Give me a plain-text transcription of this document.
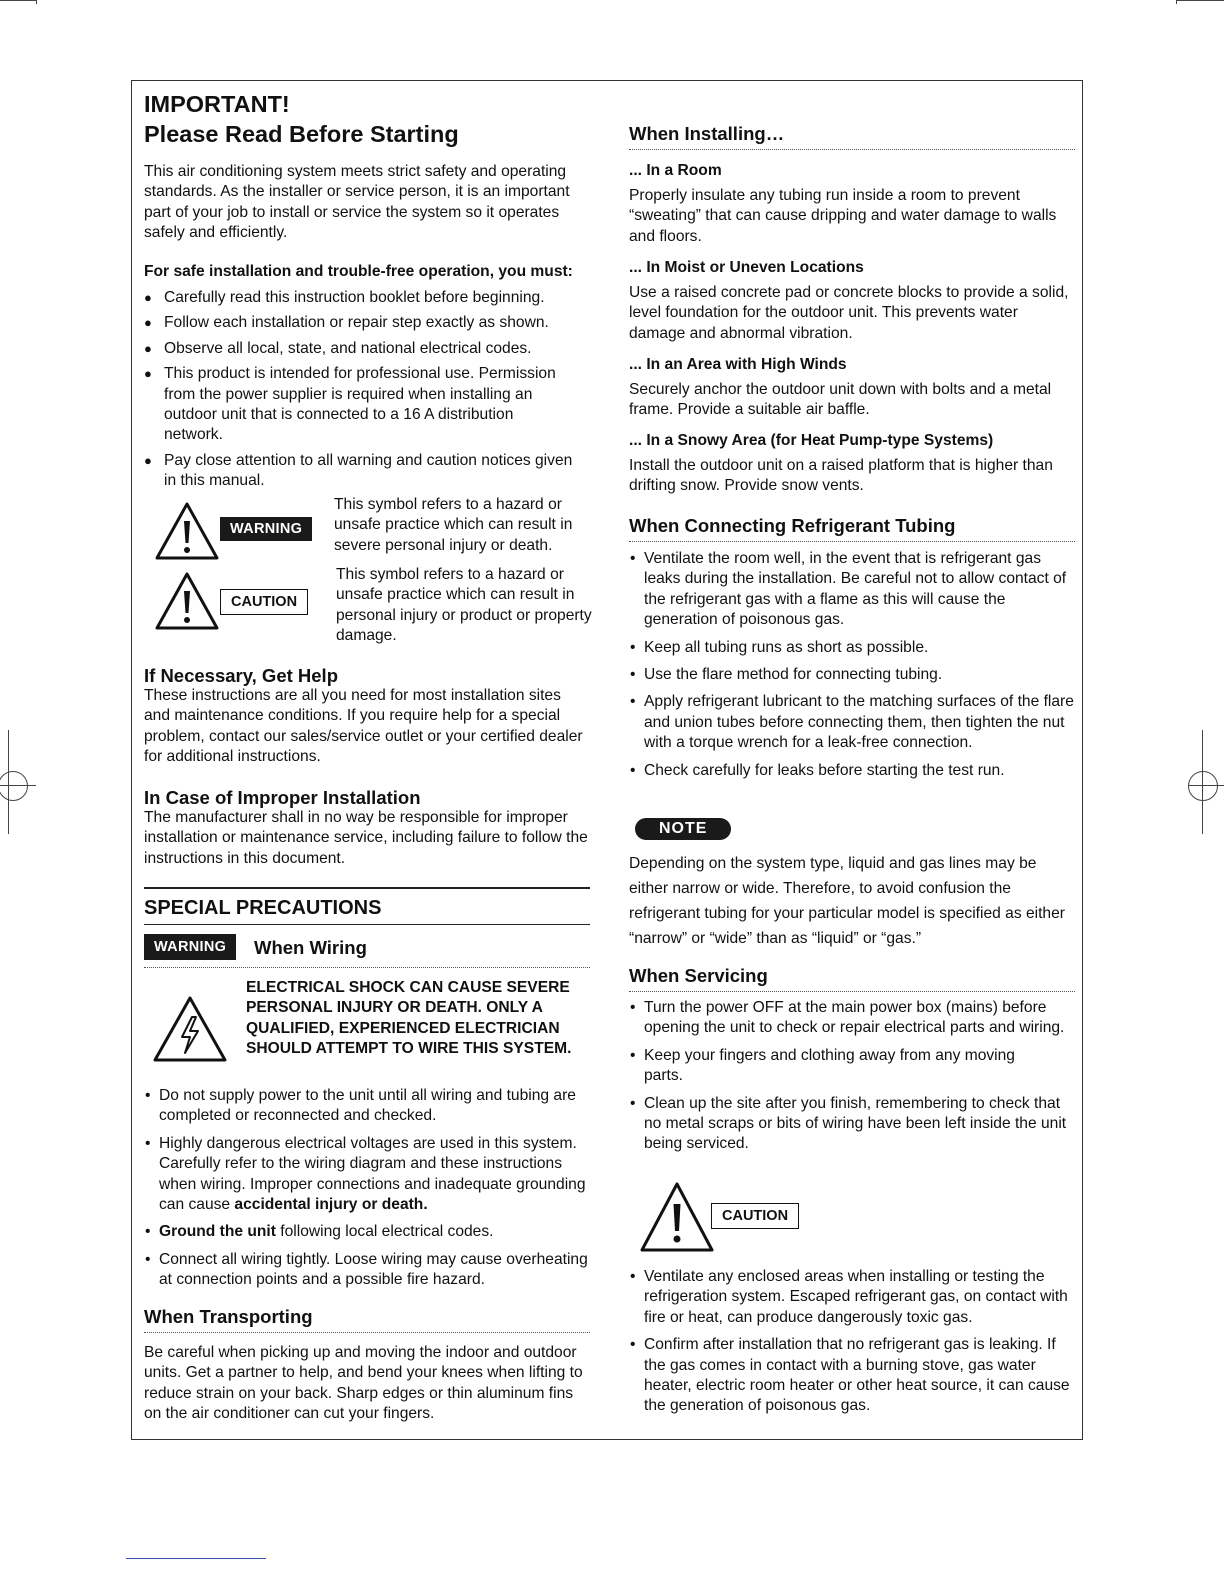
IMPORTANT!
Please Read Before Starting

This air conditioning system meets strict safety and operating standards. As the installer or service person, it is an important part of your job to install or service the system so it operates safely and efficiently.

For safe installation and trouble-free operation, you must:
● Carefully read this instruction booklet before beginning.
● Follow each installation or repair step exactly as shown.
● Observe all local, state, and national electrical codes.
● This product is intended for professional use. Permission from the power supplier is required when installing an outdoor unit that is connected to a 16 A distribution network.
● Pay close attention to all warning and caution notices given in this manual.
WARNING

This symbol refers to a hazard or unsafe practice which can result in severe personal injury or death.

CAUTION

This symbol refers to a hazard or unsafe practice which can result in personal injury or product or property damage.

If Necessary, Get Help

These instructions are all you need for most installation sites and maintenance conditions. If you require help for a special problem, contact our sales/service outlet or your certified dealer for additional instructions.

In Case of Improper Installation

The manufacturer shall in no way be responsible for improper installation or maintenance service, including failure to follow the instructions in this document.

SPECIAL PRECAUTIONS
WARNING	When Wiring

ELECTRICAL SHOCK CAN CAUSE SEVERE PERSONAL INJURY OR DEATH. ONLY A QUALIFIED, EXPERIENCED ELECTRICIAN SHOULD ATTEMPT TO WIRE THIS SYSTEM.

• Do not supply power to the unit until all wiring and tubing are completed or reconnected and checked.
• Highly dangerous electrical voltages are used in this system. Carefully refer to the wiring diagram and these instructions when wiring. Improper connections and inadequate grounding can cause accidental injury or death.
• Ground the unit following local electrical codes.
• Connect all wiring tightly. Loose wiring may cause overheating at connection points and a possible fire hazard.
When Transporting

Be careful when picking up and moving the indoor and outdoor units. Get a partner to help, and bend your knees when lifting to reduce strain on your back. Sharp edges or thin aluminum fins on the air conditioner can cut your fingers.

When Installing…
... In a Room

Properly insulate any tubing run inside a room to prevent “sweating” that can cause dripping and water damage to walls and floors.

... In Moist or Uneven Locations

Use a raised concrete pad or concrete blocks to provide a solid, level foundation for the outdoor unit. This prevents water damage and abnormal vibration.

... In an Area with High Winds

Securely anchor the outdoor unit down with bolts and a metal frame. Provide a suitable air baffle.

... In a Snowy Area (for Heat Pump-type Systems)

Install the outdoor unit on a raised platform that is higher than drifting snow. Provide snow vents.

When Connecting Refrigerant Tubing
• Ventilate the room well, in the event that is refrigerant gas leaks during the installation. Be careful not to allow contact of the refrigerant gas with a flame as this will cause the generation of poisonous gas.
• Keep all tubing runs as short as possible.
• Use the flare method for connecting tubing.
• Apply refrigerant lubricant to the matching surfaces of the flare and union tubes before connecting them, then tighten the nut with a torque wrench for a leak-free connection.
• Check carefully for leaks before starting the test run.
NOTE

Depending on the system type, liquid and gas lines may be either narrow or wide. Therefore, to avoid confusion the refrigerant tubing for your particular model is specified as either “narrow” or “wide” than as “liquid” or “gas.”

When Servicing
• Turn the power OFF at the main power box (mains) before opening the unit to check or repair electrical parts and wiring.
• Keep your fingers and clothing away from any moving parts.
• Clean up the site after you finish, remembering to check that no metal scraps or bits of wiring have been left inside the unit being serviced.
CAUTION
• Ventilate any enclosed areas when installing or testing the refrigeration system. Escaped refrigerant gas, on contact with fire or heat, can produce dangerously toxic gas.
• Confirm after installation that no refrigerant gas is leaking. If the gas comes in contact with a burning stove, gas water heater, electric room heater or other heat source, it can cause the generation of poisonous gas.
